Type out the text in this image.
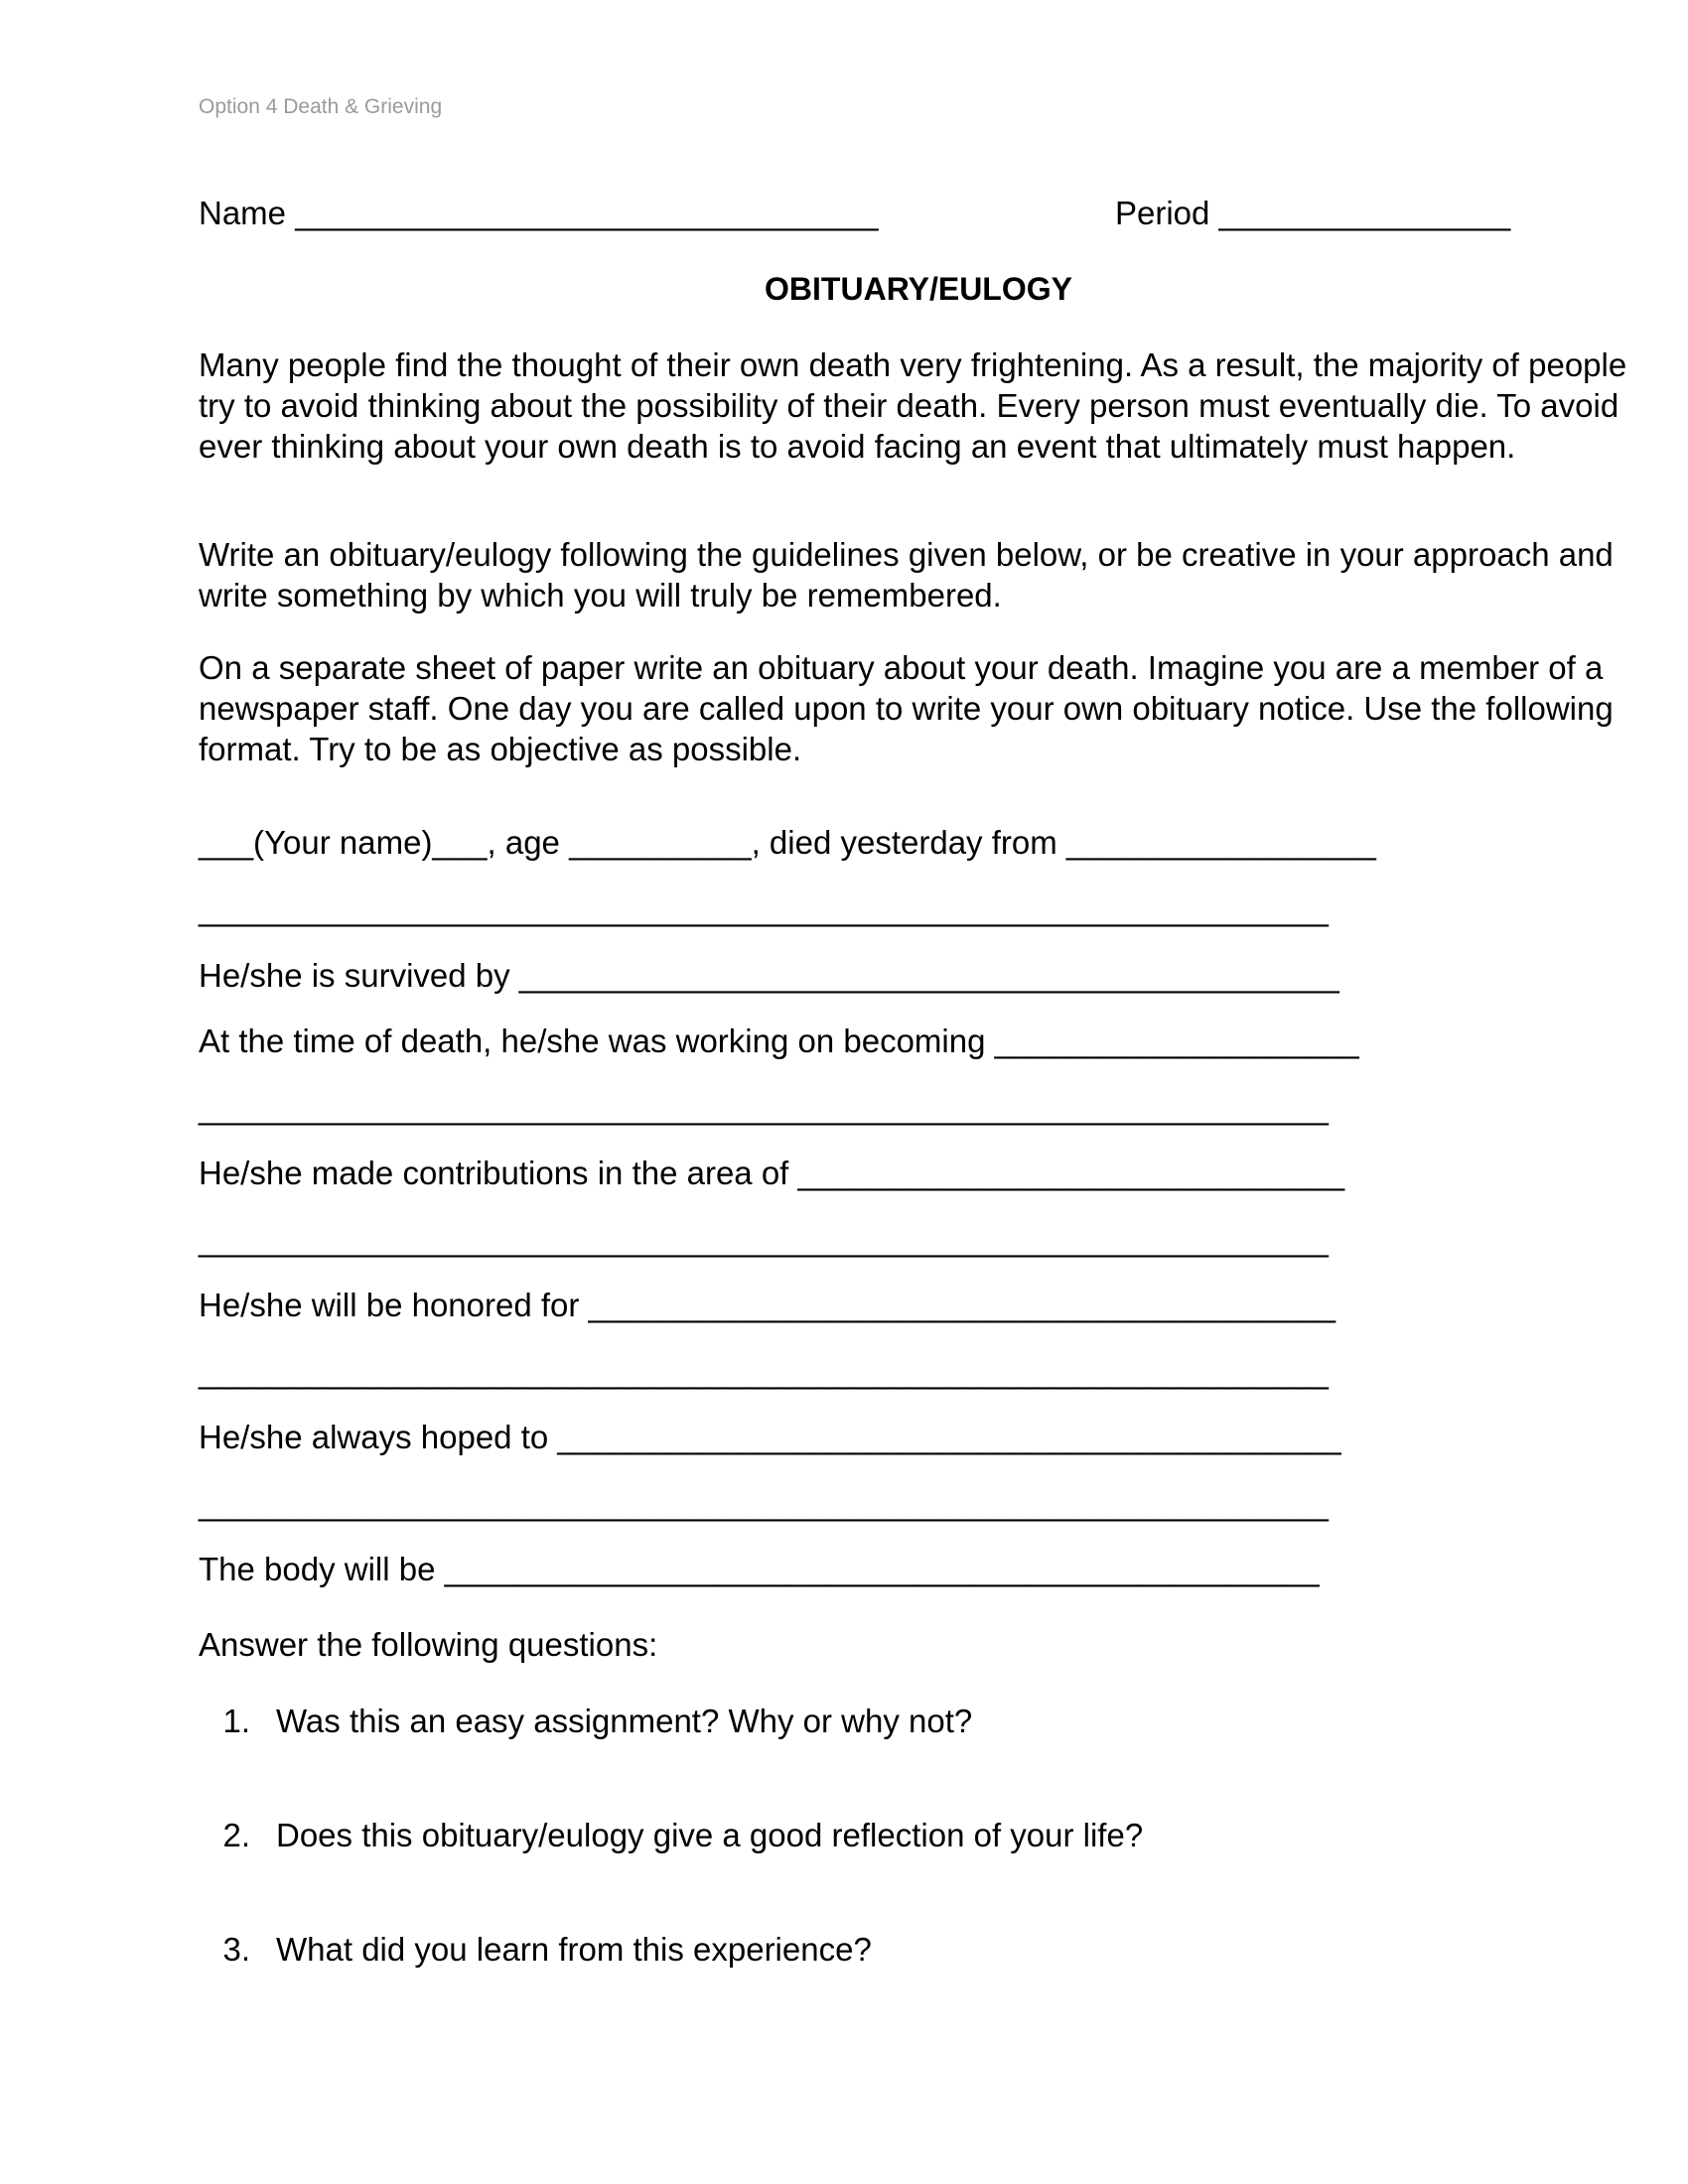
Option 4 Death & Grieving
Name ________________________________	Period ________________
OBITUARY/EULOGY
Many people find the thought of their own death very frightening. As a result, the majority of people try to avoid thinking about the possibility of their death. Every person must eventually die. To avoid ever thinking about your own death is to avoid facing an event that ultimately must happen.
Write an obituary/eulogy following the guidelines given below, or be creative in your approach and write something by which you will truly be remembered.
On a separate sheet of paper write an obituary about your death. Imagine you are a member of a newspaper staff. One day you are called upon to write your own obituary notice. Use the following format. Try to be as objective as possible.
___(Your name)___, age __________, died yesterday from _________________
______________________________________________________________
He/she is survived by _____________________________________________
At the time of death, he/she was working on becoming ____________________
______________________________________________________________
He/she made contributions in the area of ______________________________
______________________________________________________________
He/she will be honored for _________________________________________
______________________________________________________________
He/she always hoped to ___________________________________________
______________________________________________________________
The body will be ________________________________________________
Answer the following questions:
1. Was this an easy assignment? Why or why not?
2. Does this obituary/eulogy give a good reflection of your life?
3. What did you learn from this experience?
